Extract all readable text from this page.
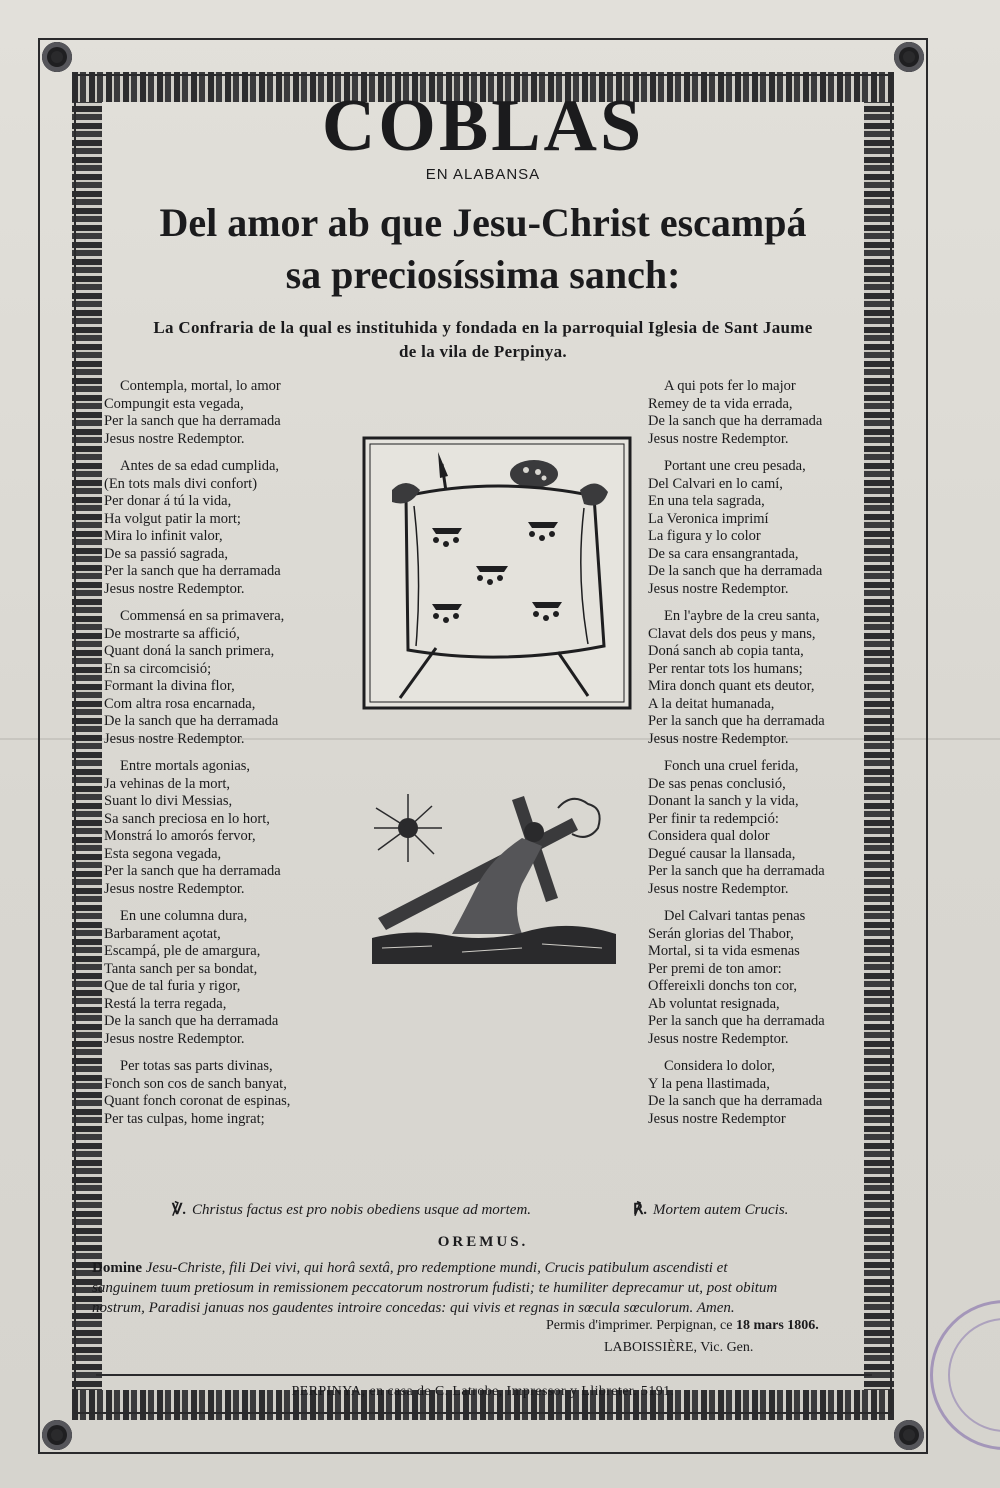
COBLAS
EN ALABANSA
Del amor ab que Jesu-Christ escampá
sa preciosíssima sanch:
La Confraria de la qual es instituhida y fondada en la parroquial Iglesia de Sant Jaume
de la vila de Perpinya.
Contempla, mortal, lo amor
Compungit esta vegada,
Per la sanch que ha derramada
Jesus nostre Redemptor.
Antes de sa edad cumplida,
(En tots mals divi confort)
Per donar á tú la vida,
Ha volgut patir la mort;
Mira lo infinit valor,
De sa passió sagrada,
Per la sanch que ha derramada
Jesus nostre Redemptor.
Commensá en sa primavera,
De mostrarte sa affició,
Quant doná la sanch primera,
En sa circomcisió;
Formant la divina flor,
Com altra rosa encarnada,
De la sanch que ha derramada
Jesus nostre Redemptor.
Entre mortals agonias,
Ja vehinas de la mort,
Suant lo divi Messias,
Sa sanch preciosa en lo hort,
Monstrá lo amorós fervor,
Esta segona vegada,
Per la sanch que ha derramada
Jesus nostre Redemptor.
En une columna dura,
Barbarament açotat,
Escampá, ple de amargura,
Tanta sanch per sa bondat,
Que de tal furia y rigor,
Restá la terra regada,
De la sanch que ha derramada
Jesus nostre Redemptor.
Per totas sas parts divinas,
Fonch son cos de sanch banyat,
Quant fonch coronat de espinas,
Per tas culpas, home ingrat;
A qui pots fer lo major
Remey de ta vida errada,
De la sanch que ha derramada
Jesus nostre Redemptor.
Portant une creu pesada,
Del Calvari en lo camí,
En una tela sagrada,
La Veronica imprimí
La figura y lo color
De sa cara ensangrantada,
De la sanch que ha derramada
Jesus nostre Redemptor.
En l'aybre de la creu santa,
Clavat dels dos peus y mans,
Doná sanch ab copia tanta,
Per rentar tots los humans;
Mira donch quant ets deutor,
A la deitat humanada,
Per la sanch que ha derramada
Jesus nostre Redemptor.
Fonch una cruel ferida,
De sas penas conclusió,
Donant la sanch y la vida,
Per finir ta redempció:
Considera qual dolor
Degué causar la llansada,
Per la sanch que ha derramada
Jesus nostre Redemptor.
Del Calvari tantas penas
Serán glorias del Thabor,
Mortal, si ta vida esmenas
Per premi de ton amor:
Offereixli donchs ton cor,
Ab voluntat resignada,
Per la sanch que ha derramada
Jesus nostre Redemptor.
Considera lo dolor,
Y la pena llastimada,
De la sanch que ha derramada
Jesus nostre Redemptor
℣. Christus factus est pro nobis obediens usque ad mortem.	℟. Mortem autem Crucis.
OREMUS.
Domine Jesu-Christe, fili Dei vivi, qui horâ sextâ, pro redemptione mundi, Crucis patibulum ascendisti et
sanguinem tuum pretiosum in remissionem peccatorum nostrorum fudisti; te humiliter deprecamur ut, post obitum
nostrum, Paradisi januas nos gaudentes introire concedas: qui vivis et regnas in sœcula sœculorum. Amen.
Permis d'imprimer. Perpignan, ce 18 mars 1806.
LABOISSIÈRE, Vic. Gen.
PERPINYA, en casa de C. Latrobe, Impressor y Llibreter. 5191.
